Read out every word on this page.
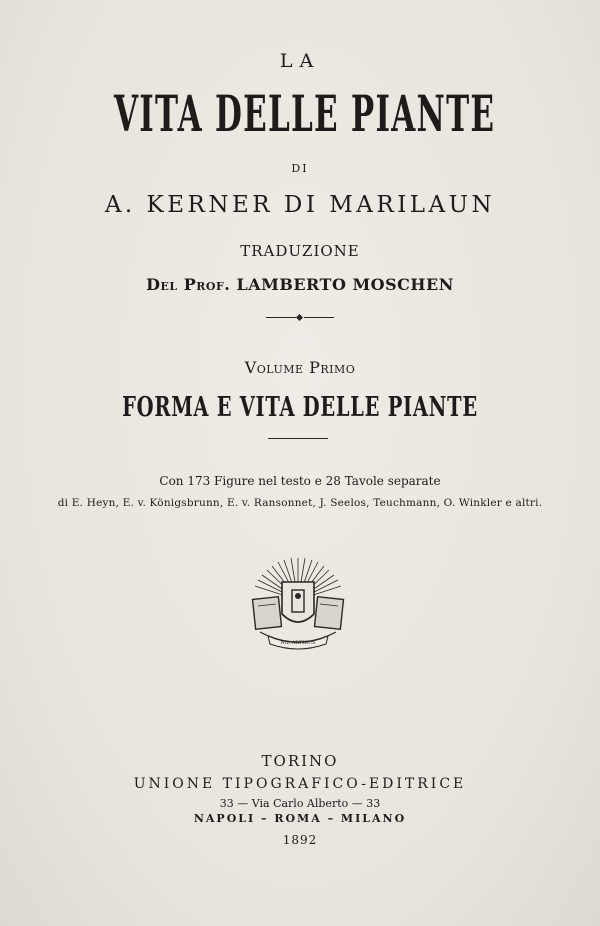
LA
VITA DELLE PIANTE
DI
A. KERNER DI MARILAUN
TRADUZIONE
Del Prof. LAMBERTO MOSCHEN
Volume Primo
FORMA E VITA DELLE PIANTE
Con 173 Figure nel testo e 28 Tavole separate
di E. Heyn, E. v. Königsbrunn, E. v. Ransonnet, J. Seelos, Teuchmann, O. Winkler e altri.
NIL ARTIBUS
TORINO
UNIONE TIPOGRAFICO-EDITRICE
33 — Via Carlo Alberto — 33
NAPOLI – ROMA – MILANO
1892
